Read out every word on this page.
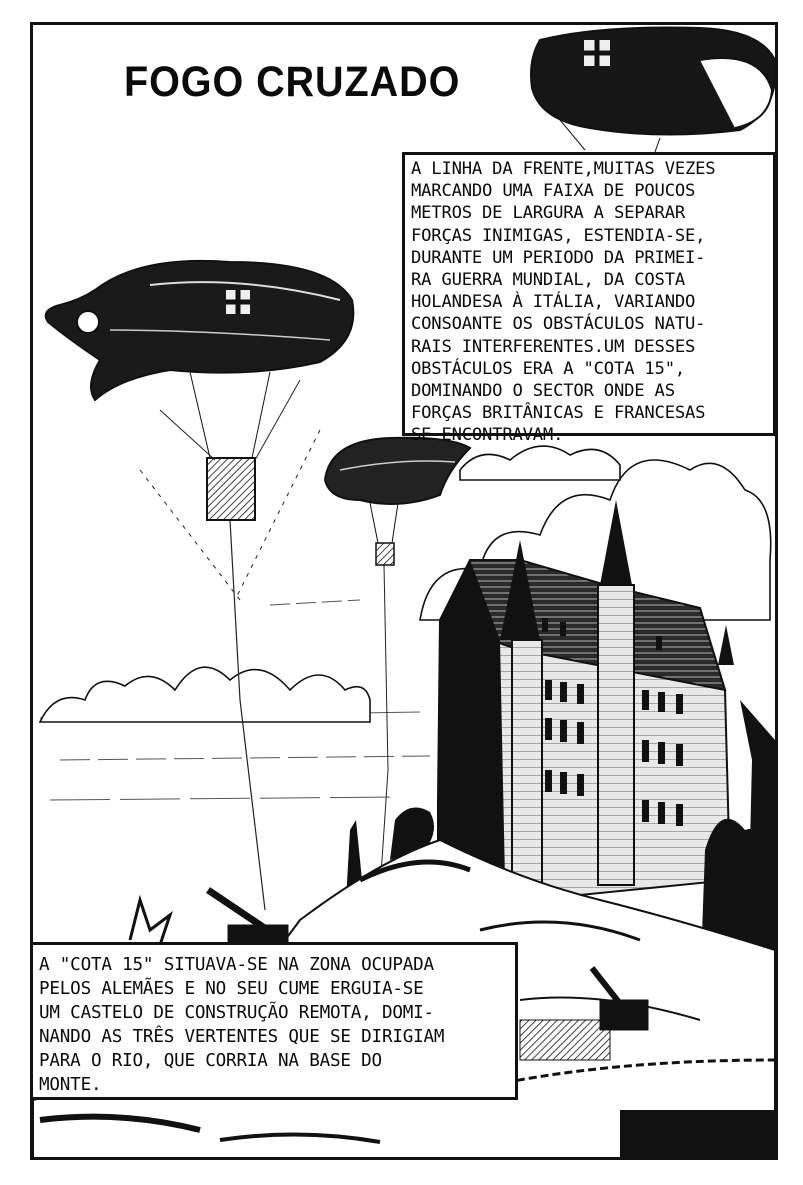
FOGO CRUZADO
A LINHA DA FRENTE,MUITAS VEZES
MARCANDO UMA FAIXA DE POUCOS
METROS DE LARGURA A SEPARAR
FORÇAS INIMIGAS, ESTENDIA-SE,
DURANTE UM PERIODO DA PRIMEI-
RA GUERRA MUNDIAL, DA COSTA
HOLANDESA À ITÁLIA, VARIANDO
CONSOANTE OS OBSTÁCULOS NATU-
RAIS INTERFERENTES.UM DESSES
OBSTÁCULOS ERA A "COTA 15",
DOMINANDO O SECTOR ONDE AS
FORÇAS BRITÂNICAS E FRANCESAS
SE ENCONTRAVAM.
A "COTA 15" SITUAVA-SE NA ZONA OCUPADA
PELOS ALEMÃES E NO SEU CUME ERGUIA-SE
UM CASTELO DE CONSTRUÇÃO REMOTA, DOMI-
NANDO AS TRÊS VERTENTES QUE SE DIRIGIAM
PARA O RIO, QUE CORRIA NA BASE DO
MONTE.
